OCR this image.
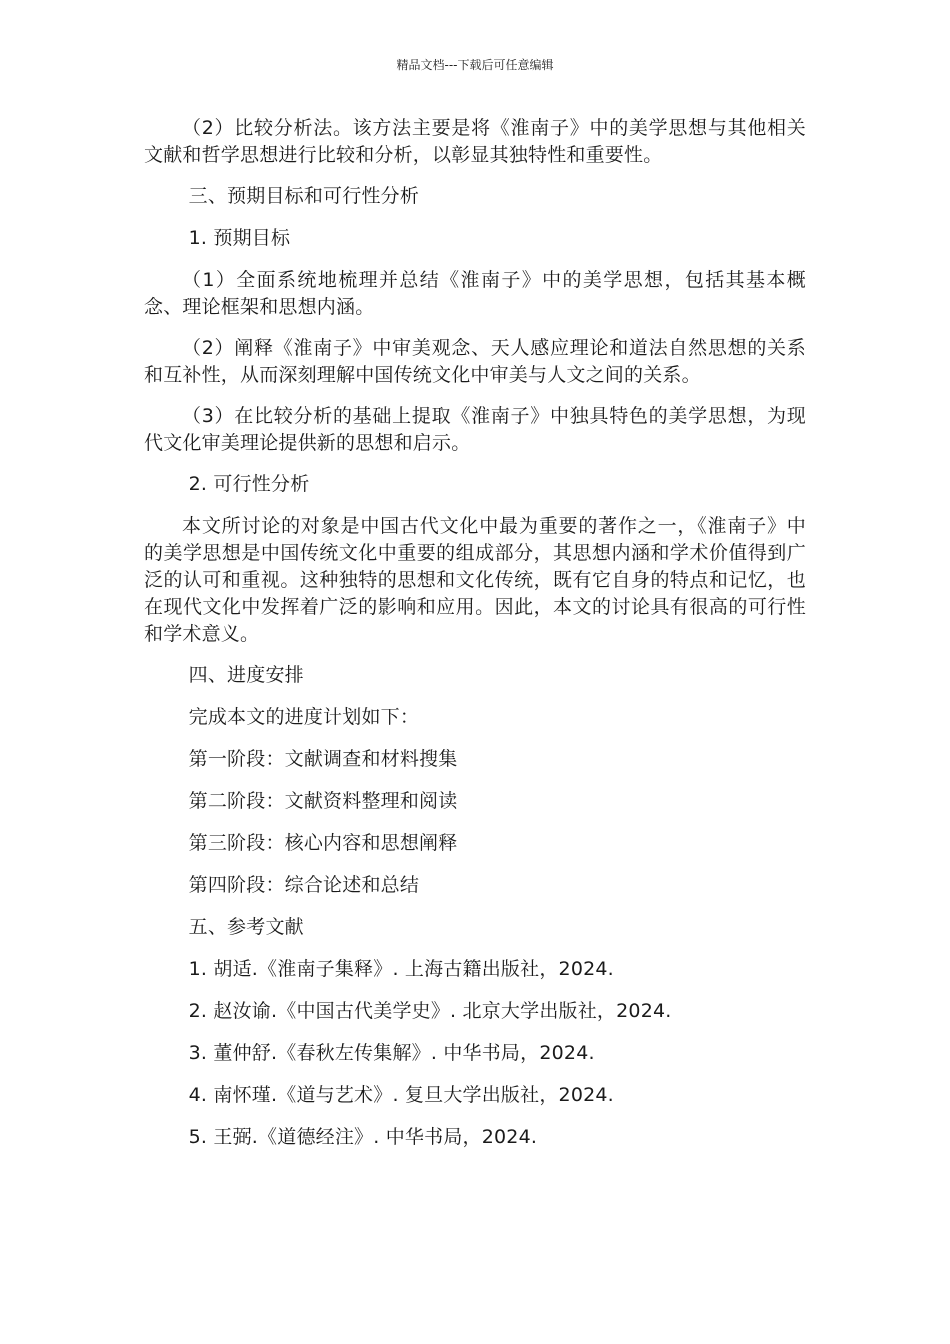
精品文档---下载后可任意编辑

（2）比较分析法。该方法主要是将《淮南子》中的美学思想与其他相关文献和哲学思想进行比较和分析，以彰显其独特性和重要性。

三、预期目标和可行性分析

1. 预期目标

（1）全面系统地梳理并总结《淮南子》中的美学思想，包括其基本概念、理论框架和思想内涵。

（2）阐释《淮南子》中审美观念、天人感应理论和道法自然思想的关系和互补性，从而深刻理解中国传统文化中审美与人文之间的关系。

（3）在比较分析的基础上提取《淮南子》中独具特色的美学思想，为现代文化审美理论提供新的思想和启示。

2. 可行性分析

本文所讨论的对象是中国古代文化中最为重要的著作之一，《淮南子》中的美学思想是中国传统文化中重要的组成部分，其思想内涵和学术价值得到广泛的认可和重视。这种独特的思想和文化传统，既有它自身的特点和记忆，也在现代文化中发挥着广泛的影响和应用。因此，本文的讨论具有很高的可行性和学术意义。

四、进度安排

完成本文的进度计划如下：

第一阶段：文献调查和材料搜集

第二阶段：文献资料整理和阅读

第三阶段：核心内容和思想阐释

第四阶段：综合论述和总结

五、参考文献

1. 胡适.《淮南子集释》. 上海古籍出版社，2024.

2. 赵汝谕.《中国古代美学史》. 北京大学出版社，2024.

3. 董仲舒.《春秋左传集解》. 中华书局，2024.

4. 南怀瑾.《道与艺术》. 复旦大学出版社，2024.

5. 王弼.《道德经注》. 中华书局，2024.
